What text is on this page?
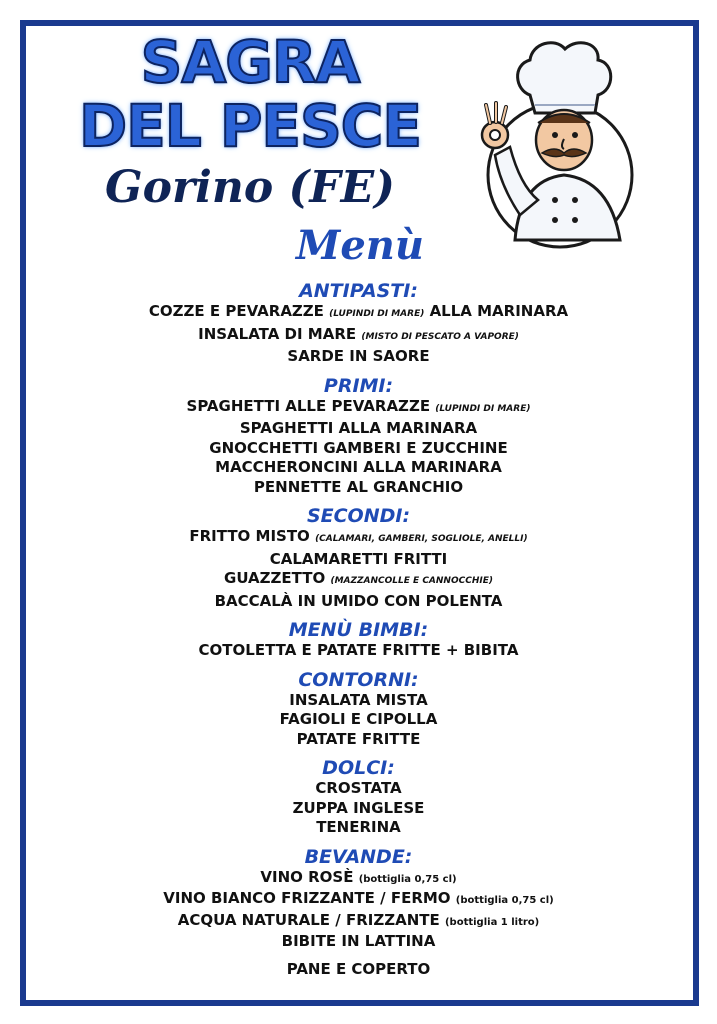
SAGRA
DEL PESCE
Gorino (FE)
Menù
ANTIPASTI:
COZZE E PEVARAZZE (LUPINDI DI MARE) ALLA MARINARA
INSALATA DI MARE (MISTO DI PESCATO A VAPORE)
SARDE IN SAORE
PRIMI:
SPAGHETTI ALLE PEVARAZZE (LUPINDI DI MARE)
SPAGHETTI ALLA MARINARA
GNOCCHETTI GAMBERI E ZUCCHINE
MACCHERONCINI ALLA MARINARA
PENNETTE AL GRANCHIO
SECONDI:
FRITTO MISTO (CALAMARI, GAMBERI, SOGLIOLE, ANELLI)
CALAMARETTI FRITTI
GUAZZETTO (MAZZANCOLLE E CANNOCCHIE)
BACCALÀ IN UMIDO CON POLENTA
MENÙ BIMBI:
COTOLETTA E PATATE FRITTE + BIBITA
CONTORNI:
INSALATA MISTA
FAGIOLI E CIPOLLA
PATATE FRITTE
DOLCI:
CROSTATA
ZUPPA INGLESE
TENERINA
BEVANDE:
VINO ROSÈ (bottiglia 0,75 cl)
VINO BIANCO FRIZZANTE / FERMO (bottiglia 0,75 cl)
ACQUA NATURALE / FRIZZANTE (bottiglia 1 litro)
BIBITE IN LATTINA
PANE E COPERTO
